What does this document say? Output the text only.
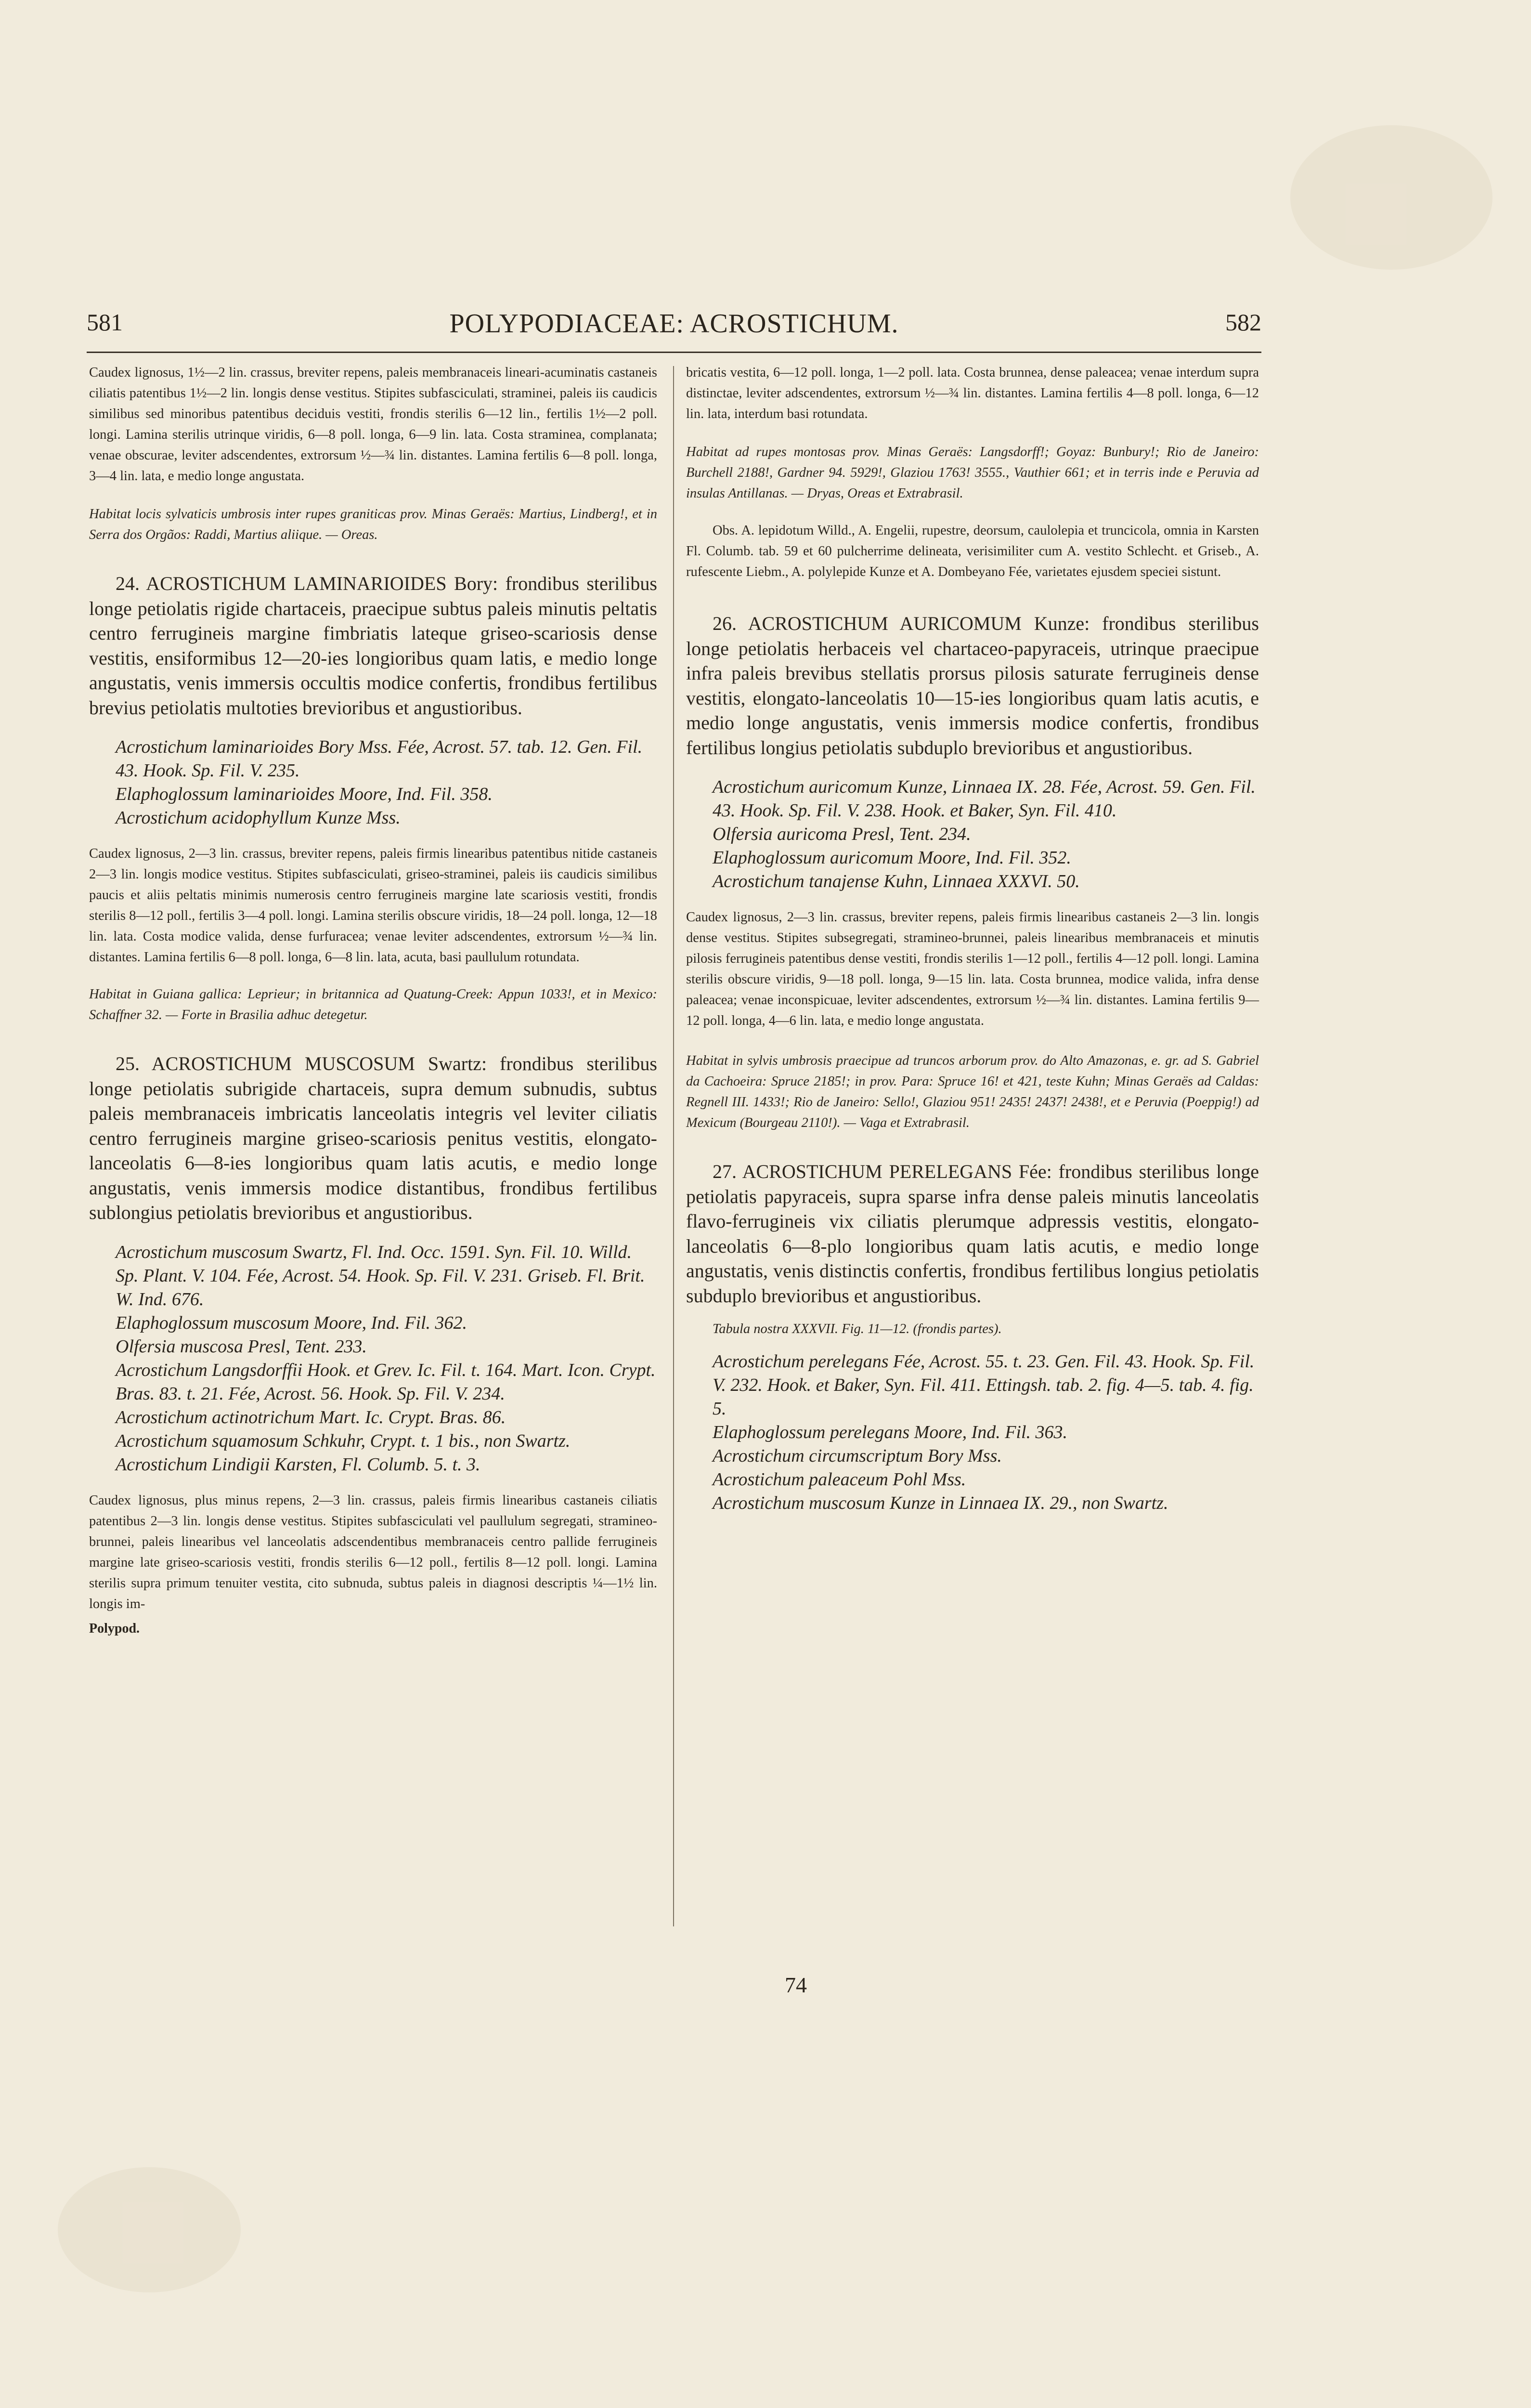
581	POLYPODIACEAE: ACROSTICHUM.	582

Caudex lignosus, 1½—2 lin. crassus, breviter repens, paleis membranaceis lineari-acuminatis castaneis ciliatis patentibus 1½—2 lin. longis dense vestitus. Stipites subfasciculati, straminei, paleis iis caudicis similibus sed minoribus patentibus deciduis vestiti, frondis sterilis 6—12 lin., fertilis 1½—2 poll. longi. Lamina sterilis utrinque viridis, 6—8 poll. longa, 6—9 lin. lata. Costa straminea, complanata; venae obscurae, leviter adscendentes, extrorsum ½—¾ lin. distantes. Lamina fertilis 6—8 poll. longa, 3—4 lin. lata, e medio longe angustata.

Habitat locis sylvaticis umbrosis inter rupes graniticas prov. Minas Geraës: Martius, Lindberg!, et in Serra dos Orgãos: Raddi, Martius aliique. — Oreas.

24. ACROSTICHUM LAMINARIOIDES Bory: frondibus sterilibus longe petiolatis rigide chartaceis, praecipue subtus paleis minutis peltatis centro ferrugineis margine fimbriatis lateque griseo-scariosis dense vestitis, ensiformibus 12—20-ies longioribus quam latis, e medio longe angustatis, venis immersis occultis modice confertis, frondibus fertilibus brevius petiolatis multoties brevioribus et angustioribus.

Acrostichum laminarioides Bory Mss. Fée, Acrost. 57. tab. 12. Gen. Fil. 43. Hook. Sp. Fil. V. 235.
Elaphoglossum laminarioides Moore, Ind. Fil. 358.
Acrostichum acidophyllum Kunze Mss.

Caudex lignosus, 2—3 lin. crassus, breviter repens, paleis firmis linearibus patentibus nitide castaneis 2—3 lin. longis modice vestitus. Stipites subfasciculati, griseo-straminei, paleis iis caudicis similibus paucis et aliis peltatis minimis numerosis centro ferrugineis margine late scariosis vestiti, frondis sterilis 8—12 poll., fertilis 3—4 poll. longi. Lamina sterilis obscure viridis, 18—24 poll. longa, 12—18 lin. lata. Costa modice valida, dense furfuracea; venae leviter adscendentes, extrorsum ½—¾ lin. distantes. Lamina fertilis 6—8 poll. longa, 6—8 lin. lata, acuta, basi paullulum rotundata.

Habitat in Guiana gallica: Leprieur; in britannica ad Quatung-Creek: Appun 1033!, et in Mexico: Schaffner 32. — Forte in Brasilia adhuc detegetur.

25. ACROSTICHUM MUSCOSUM Swartz: frondibus sterilibus longe petiolatis subrigide chartaceis, supra demum subnudis, subtus paleis membranaceis imbricatis lanceolatis integris vel leviter ciliatis centro ferrugineis margine griseo-scariosis penitus vestitis, elongato-lanceolatis 6—8-ies longioribus quam latis acutis, e medio longe angustatis, venis immersis modice distantibus, frondibus fertilibus sublongius petiolatis brevioribus et angustioribus.

Acrostichum muscosum Swartz, Fl. Ind. Occ. 1591. Syn. Fil. 10. Willd. Sp. Plant. V. 104. Fée, Acrost. 54. Hook. Sp. Fil. V. 231. Griseb. Fl. Brit. W. Ind. 676.
Elaphoglossum muscosum Moore, Ind. Fil. 362.
Olfersia muscosa Presl, Tent. 233.
Acrostichum Langsdorffii Hook. et Grev. Ic. Fil. t. 164. Mart. Icon. Crypt. Bras. 83. t. 21. Fée, Acrost. 56. Hook. Sp. Fil. V. 234.
Acrostichum actinotrichum Mart. Ic. Crypt. Bras. 86.
Acrostichum squamosum Schkuhr, Crypt. t. 1 bis., non Swartz.
Acrostichum Lindigii Karsten, Fl. Columb. 5. t. 3.

Caudex lignosus, plus minus repens, 2—3 lin. crassus, paleis firmis linearibus castaneis ciliatis patentibus 2—3 lin. longis dense vestitus. Stipites subfasciculati vel paullulum segregati, stramineo-brunnei, paleis linearibus vel lanceolatis adscendentibus membranaceis centro pallide ferrugineis margine late griseo-scariosis vestiti, frondis sterilis 6—12 poll., fertilis 8—12 poll. longi. Lamina sterilis supra primum tenuiter vestita, cito subnuda, subtus paleis in diagnosi descriptis ¼—1½ lin. longis im-

Polypod.

bricatis vestita, 6—12 poll. longa, 1—2 poll. lata. Costa brunnea, dense paleacea; venae interdum supra distinctae, leviter adscendentes, extrorsum ½—¾ lin. distantes. Lamina fertilis 4—8 poll. longa, 6—12 lin. lata, interdum basi rotundata.

Habitat ad rupes montosas prov. Minas Geraës: Langsdorff!; Goyaz: Bunbury!; Rio de Janeiro: Burchell 2188!, Gardner 94. 5929!, Glaziou 1763! 3555., Vauthier 661; et in terris inde e Peruvia ad insulas Antillanas. — Dryas, Oreas et Extrabrasil.

Obs. A. lepidotum Willd., A. Engelii, rupestre, deorsum, caulolepia et truncicola, omnia in Karsten Fl. Columb. tab. 59 et 60 pulcherrime delineata, verisimiliter cum A. vestito Schlecht. et Griseb., A. rufescente Liebm., A. polylepide Kunze et A. Dombeyano Fée, varietates ejusdem speciei sistunt.

26. ACROSTICHUM AURICOMUM Kunze: frondibus sterilibus longe petiolatis herbaceis vel chartaceo-papyraceis, utrinque praecipue infra paleis brevibus stellatis prorsus pilosis saturate ferrugineis dense vestitis, elongato-lanceolatis 10—15-ies longioribus quam latis acutis, e medio longe angustatis, venis immersis modice confertis, frondibus fertilibus longius petiolatis subduplo brevioribus et angustioribus.

Acrostichum auricomum Kunze, Linnaea IX. 28. Fée, Acrost. 59. Gen. Fil. 43. Hook. Sp. Fil. V. 238. Hook. et Baker, Syn. Fil. 410.
Olfersia auricoma Presl, Tent. 234.
Elaphoglossum auricomum Moore, Ind. Fil. 352.
Acrostichum tanajense Kuhn, Linnaea XXXVI. 50.

Caudex lignosus, 2—3 lin. crassus, breviter repens, paleis firmis linearibus castaneis 2—3 lin. longis dense vestitus. Stipites subsegregati, stramineo-brunnei, paleis linearibus membranaceis et minutis pilosis ferrugineis patentibus dense vestiti, frondis sterilis 1—12 poll., fertilis 4—12 poll. longi. Lamina sterilis obscure viridis, 9—18 poll. longa, 9—15 lin. lata. Costa brunnea, modice valida, infra dense paleacea; venae inconspicuae, leviter adscendentes, extrorsum ½—¾ lin. distantes. Lamina fertilis 9—12 poll. longa, 4—6 lin. lata, e medio longe angustata.

Habitat in sylvis umbrosis praecipue ad truncos arborum prov. do Alto Amazonas, e. gr. ad S. Gabriel da Cachoeira: Spruce 2185!; in prov. Para: Spruce 16! et 421, teste Kuhn; Minas Geraës ad Caldas: Regnell III. 1433!; Rio de Janeiro: Sello!, Glaziou 951! 2435! 2437! 2438!, et e Peruvia (Poeppig!) ad Mexicum (Bourgeau 2110!). — Vaga et Extrabrasil.

27. ACROSTICHUM PERELEGANS Fée: frondibus sterilibus longe petiolatis papyraceis, supra sparse infra dense paleis minutis lanceolatis flavo-ferrugineis vix ciliatis plerumque adpressis vestitis, elongato-lanceolatis 6—8-plo longioribus quam latis acutis, e medio longe angustatis, venis distinctis confertis, frondibus fertilibus longius petiolatis subduplo brevioribus et angustioribus.

Tabula nostra XXXVII. Fig. 11—12. (frondis partes).

Acrostichum perelegans Fée, Acrost. 55. t. 23. Gen. Fil. 43. Hook. Sp. Fil. V. 232. Hook. et Baker, Syn. Fil. 411. Ettingsh. tab. 2. fig. 4—5. tab. 4. fig. 5.
Elaphoglossum perelegans Moore, Ind. Fil. 363.
Acrostichum circumscriptum Bory Mss.
Acrostichum paleaceum Pohl Mss.
Acrostichum muscosum Kunze in Linnaea IX. 29., non Swartz.
74
